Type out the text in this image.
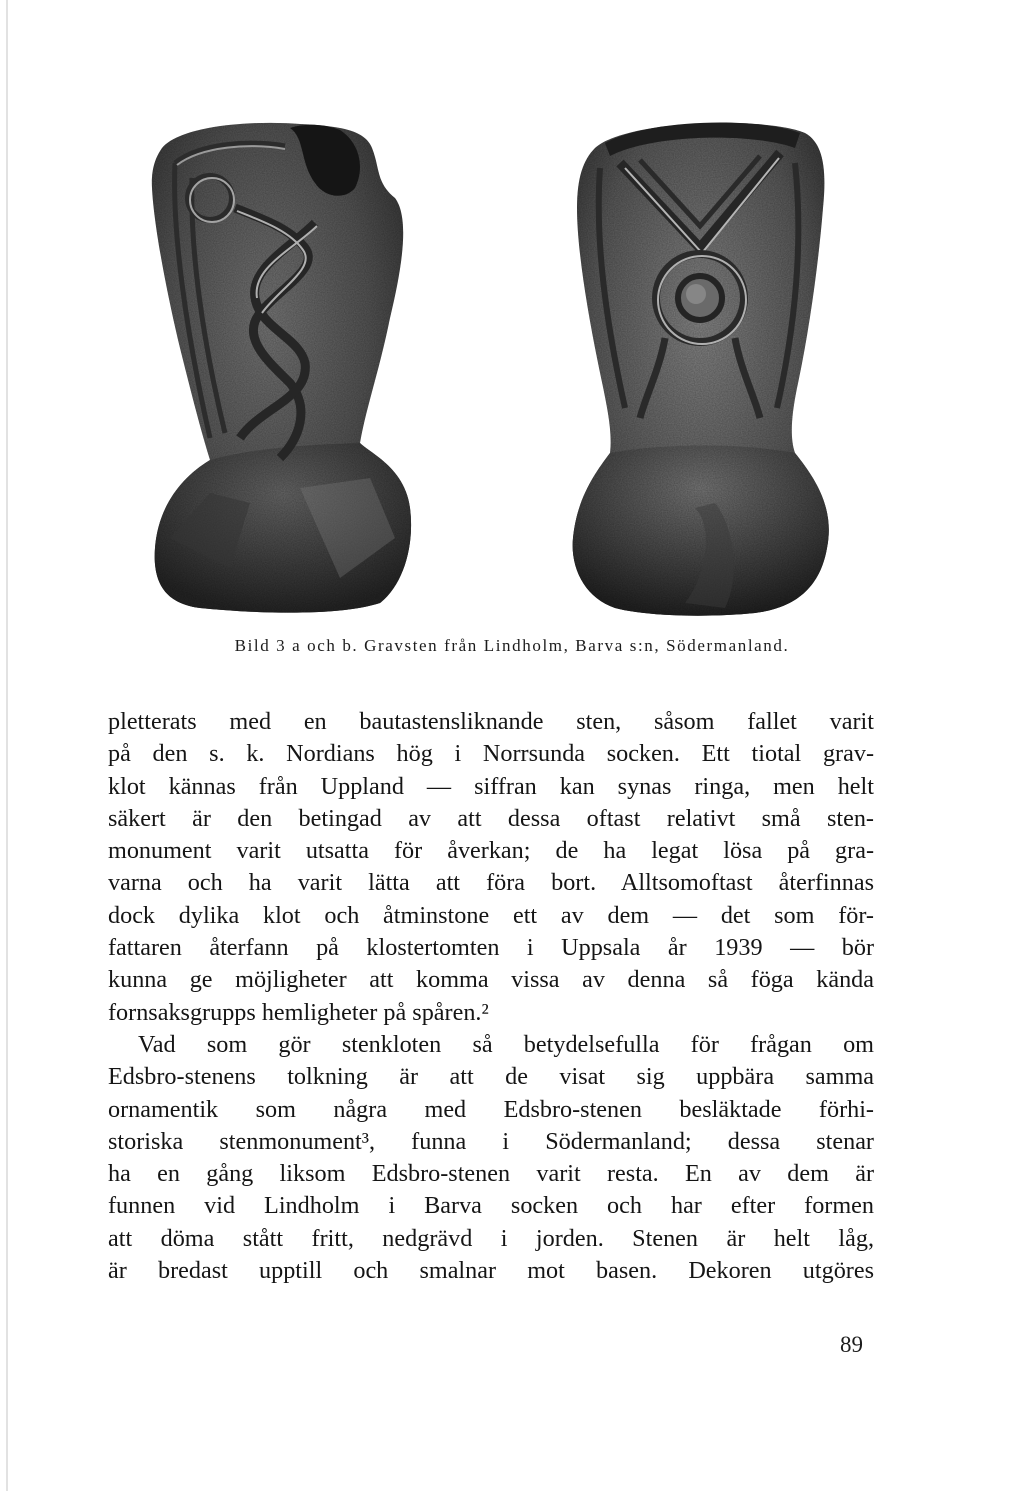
Bild 3 a och b. Gravsten från Lindholm, Barva s:n, Södermanland.
pletterats med en bautastensliknande sten, såsom fallet varit
på den s. k. Nordians hög i Norrsunda socken. Ett tiotal grav-
klot kännas från Uppland — siffran kan synas ringa, men helt
säkert är den betingad av att dessa oftast relativt små sten-
monument varit utsatta för åverkan; de ha legat lösa på gra-
varna och ha varit lätta att föra bort. Alltsomoftast återfinnas
dock dylika klot och åtminstone ett av dem — det som för-
fattaren återfann på klostertomten i Uppsala år 1939 — bör
kunna ge möjligheter att komma vissa av denna så föga kända
fornsaksgrupps hemligheter på spåren.²
Vad som gör stenkloten så betydelsefulla för frågan om
Edsbro-stenens tolkning är att de visat sig uppbära samma
ornamentik som några med Edsbro-stenen besläktade förhi-
storiska stenmonument³, funna i Södermanland; dessa stenar
ha en gång liksom Edsbro-stenen varit resta. En av dem är
funnen vid Lindholm i Barva socken och har efter formen
att döma stått fritt, nedgrävd i jorden. Stenen är helt låg,
är bredast upptill och smalnar mot basen. Dekoren utgöres
89
